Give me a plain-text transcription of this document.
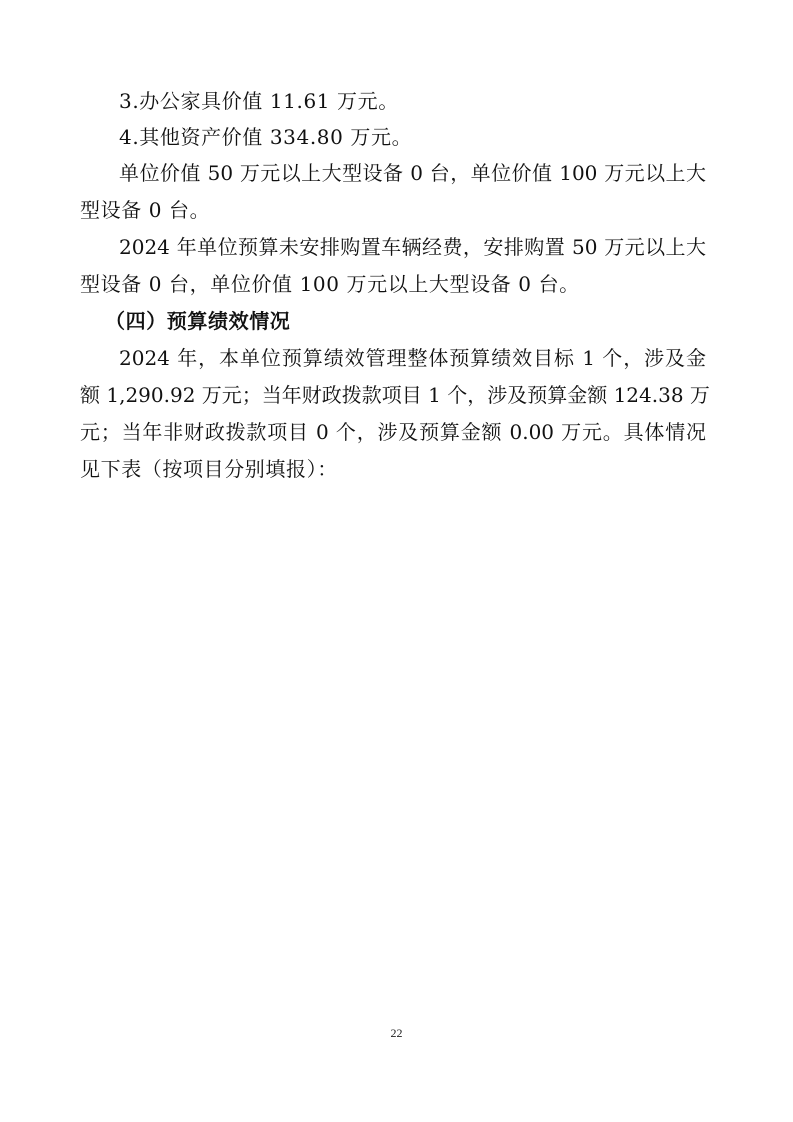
3.办公家具价值 11.61 万元。
4.其他资产价值 334.80 万元。
单位价值 50 万元以上大型设备 0 台，单位价值 100 万元以上大
型设备 0 台。
2024 年单位预算未安排购置车辆经费，安排购置 50 万元以上大
型设备 0 台，单位价值 100 万元以上大型设备 0 台。
（四）预算绩效情况
2024 年，本单位预算绩效管理整体预算绩效目标 1 个，涉及金
额 1,290.92 万元；当年财政拨款项目 1 个，涉及预算金额 124.38 万
元；当年非财政拨款项目 0 个，涉及预算金额 0.00 万元。具体情况
见下表（按项目分别填报）：
22
